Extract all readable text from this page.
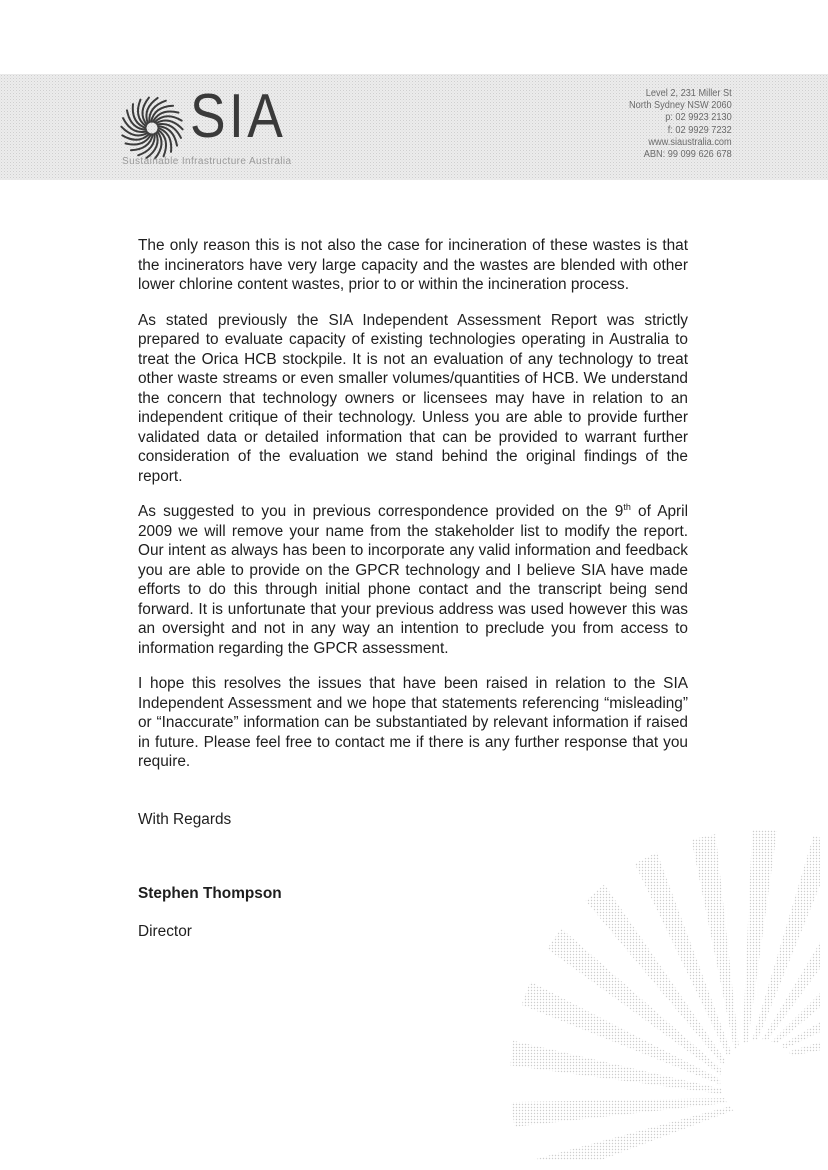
SIA
Sustainable Infrastructure Australia
Level 2, 231 Miller St
North Sydney NSW 2060
p: 02 9923 2130
f: 02 9929 7232
www.siaustralia.com
ABN: 99 099 626 678

The only reason this is not also the case for incineration of these wastes is that the incinerators have very large capacity and the wastes are blended with other lower chlorine content wastes, prior to or within the incineration process.

As stated previously the SIA Independent Assessment Report was strictly prepared to evaluate capacity of existing technologies operating in Australia to treat the Orica HCB stockpile. It is not an evaluation of any technology to treat other waste streams or even smaller volumes/quantities of HCB. We understand the concern that technology owners or licensees may have in relation to an independent critique of their technology. Unless you are able to provide further validated data or detailed information that can be provided to warrant further consideration of the evaluation we stand behind the original findings of the report.

As suggested to you in previous correspondence provided on the 9th of April 2009 we will remove your name from the stakeholder list to modify the report. Our intent as always has been to incorporate any valid information and feedback you are able to provide on the GPCR technology and I believe SIA have made efforts to do this through initial phone contact and the transcript being send forward. It is unfortunate that your previous address was used however this was an oversight and not in any way an intention to preclude you from access to information regarding the GPCR assessment.

I hope this resolves the issues that have been raised in relation to the SIA Independent Assessment and we hope that statements referencing “misleading” or “Inaccurate” information can be substantiated by relevant information if raised in future. Please feel free to contact me if there is any further response that you require.

With Regards
Stephen Thompson
Director
